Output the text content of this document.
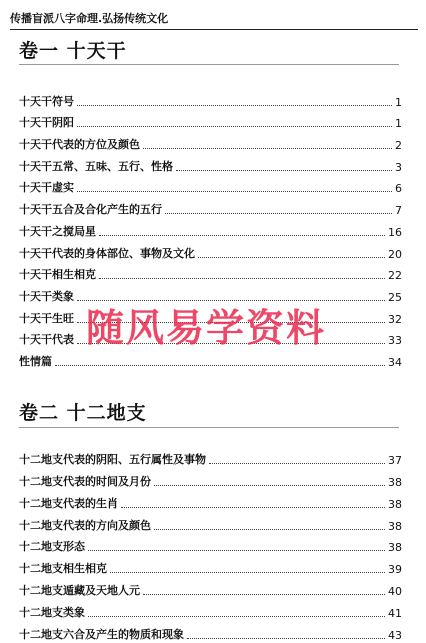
传播盲派八字命理.弘扬传统文化
卷一 十天干
十天干符号	1
十天干阴阳	1
十天干代表的方位及颜色	2
十天干五常、五味、五行、性格	3
十天干虚实	6
十天干五合及合化产生的五行	7
十天干之搅局星	16
十天干代表的身体部位、事物及文化	20
十天干相生相克	22
十天干类象	25
十天干生旺	32
十天干代表	33
性情篇	34
卷二 十二地支
十二地支代表的阴阳、五行属性及事物	37
十二地支代表的时间及月份	38
十二地支代表的生肖	38
十二地支代表的方向及颜色	38
十二地支形态	38
十二地支相生相克	39
十二地支遁藏及天地人元	40
十二地支类象	41
十二地支六合及产生的物质和现象	43
随风易学资料
